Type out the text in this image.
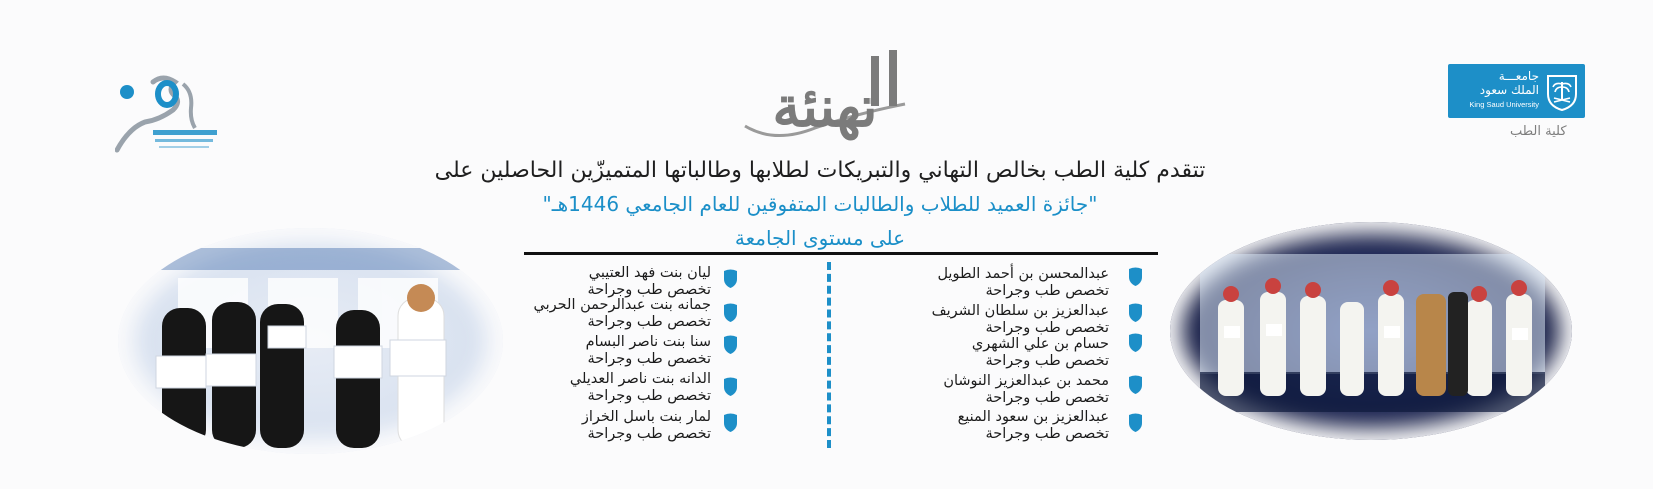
جامعـــة
الملك سعود
King Saud University
كلية الطب
تهنئة
تتقدم كلية الطب بخالص التهاني والتبريكات لطلابها وطالباتها المتميزّين الحاصلين على
"جائزة العميد للطلاب والطالبات المتفوقين للعام الجامعي 1446هـ"
على مستوى الجامعة
عبدالمحسن بن أحمد الطويل
تخصص طب وجراحة
عبدالعزيز بن سلطان الشريف
تخصص طب وجراحة
حسام بن علي الشهري
تخصص طب وجراحة
محمد بن عبدالعزيز النوشان
تخصص طب وجراحة
عبدالعزيز بن سعود المنيع
تخصص طب وجراحة
ليان بنت فهد العتيبي
تخصص طب وجراحة
جمانه بنت عبدالرحمن الحربي
تخصص طب وجراحة
سنا بنت ناصر البسام
تخصص طب وجراحة
الدانه بنت ناصر العديلي
تخصص طب وجراحة
لمار بنت باسل الخراز
تخصص طب وجراحة
